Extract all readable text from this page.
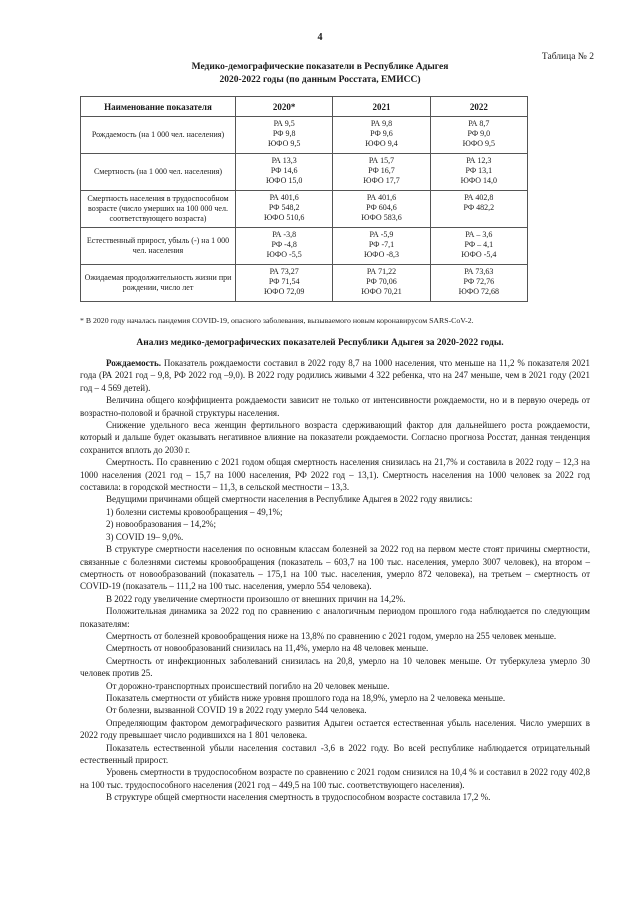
4
Таблица № 2
Медико-демографические показатели в Республике Адыгея
2020-2022 годы (по данным Росстата, ЕМИСС)
Наименование показателя	2020*	2021	2022
Рождаемость (на 1 000 чел. населения)	РА 9,5
РФ 9,8
ЮФО 9,5	РА 9,8
РФ 9,6
ЮФО 9,4	РА 8,7
РФ 9,0
ЮФО 9,5

Смертность (на 1 000 чел. населения)	РА 13,3
РФ 14,6
ЮФО 15,0	РА 15,7
РФ 16,7
ЮФО 17,7	РА 12,3
РФ 13,1
ЮФО 14,0

Смертность населения в трудоспособном возрасте (число умерших на 100 000 чел. соответствующего возраста)	РА 401,6
РФ 548,2
ЮФО 510,6	РА 401,6
РФ 604,6
ЮФО 583,6	РА 402,8
РФ 482,2

Естественный прирост, убыль (-) на 1 000 чел. населения	РА -3,8
РФ -4,8
ЮФО -5,5	РА -5,9
РФ -7,1
ЮФО -8,3	РА – 3,6
РФ – 4,1
ЮФО -5,4

Ожидаемая продолжительность жизни при рождении, число лет	РА 73,27
РФ 71,54
ЮФО 72,09	РА 71,22
РФ 70,06
ЮФО 70,21	РА 73,63
РФ 72,76
ЮФО 72,68
* В 2020 году началась пандемия COVID-19, опасного заболевания, вызываемого новым коронавирусом SARS-CoV-2.
Анализ медико-демографических показателей Республики Адыгея за 2020-2022 годы.

Рождаемость. Показатель рождаемости составил в 2022 году 8,7 на 1000 населения, что меньше на 11,2 % показателя 2021 года (РА 2021 год – 9,8, РФ 2022 год –9,0). В 2022 году родились живыми 4 322 ребенка, что на 247 меньше, чем в 2021 году (2021 год – 4 569 детей).

Величина общего коэффициента рождаемости зависит не только от интенсивности рождаемости, но и в первую очередь от возрастно-половой и брачной структуры населения.

Снижение удельного веса женщин фертильного возраста сдерживающий фактор для дальнейшего роста рождаемости, который и дальше будет оказывать негативное влияние на показатели рождаемости. Согласно прогноза Росстат, данная тенденция сохранится вплоть до 2030 г.

Смертность. По сравнению с 2021 годом общая смертность населения снизилась на 21,7% и составила в 2022 году – 12,3 на 1000 населения (2021 год – 15,7 на 1000 населения, РФ 2022 год – 13,1). Смертность населения на 1000 человек за 2022 год составила: в городской местности – 11,3, в сельской местности – 13,3.

Ведущими причинами общей смертности населения в Республике Адыгея в 2022 году явились:

1) болезни системы кровообращения – 49,1%;

2) новообразования – 14,2%;

3) COVID 19– 9,0%.

В структуре смертности населения по основным классам болезней за 2022 год на первом месте стоят причины смертности, связанные с болезнями системы кровообращения (показатель – 603,7 на 100 тыс. населения, умерло 3007 человек), на втором –смертность от новообразований (показатель – 175,1 на 100 тыс. населения, умерло 872 человека), на третьем – смертность от COVID-19 (показатель – 111,2 на 100 тыс. населения, умерло 554 человека).

В 2022 году увеличение смертности произошло от внешних причин на 14,2%.

Положительная динамика за 2022 год по сравнению с аналогичным периодом прошлого года наблюдается по следующим показателям:

Смертность от болезней кровообращения ниже на 13,8% по сравнению с 2021 годом, умерло на 255 человек меньше.

Смертность от новообразований снизилась на 11,4%, умерло на 48 человек меньше.

Смертность от инфекционных заболеваний снизилась на 20,8, умерло на 10 человек меньше. От туберкулеза умерло 30 человек против 25.

От дорожно-транспортных происшествий погибло на 20 человек меньше.

Показатель смертности от убийств ниже уровня прошлого года на 18,9%, умерло на 2 человека меньше.

От болезни, вызванной COVID 19 в 2022 году умерло 544 человека.

Определяющим фактором демографического развития Адыгеи остается естественная убыль населения. Число умерших в 2022 году превышает число родившихся на 1 801 человека.

Показатель естественной убыли населения составил -3,6 в 2022 году. Во всей республике наблюдается отрицательный естественный прирост.

Уровень смертности в трудоспособном возрасте по сравнению с 2021 годом снизился на 10,4 % и составил в 2022 году 402,8 на 100 тыс. трудоспособного населения (2021 год – 449,5 на 100 тыс. соответствующего населения).

В структуре общей смертности населения смертность в трудоспособном возрасте составила 17,2 %.
